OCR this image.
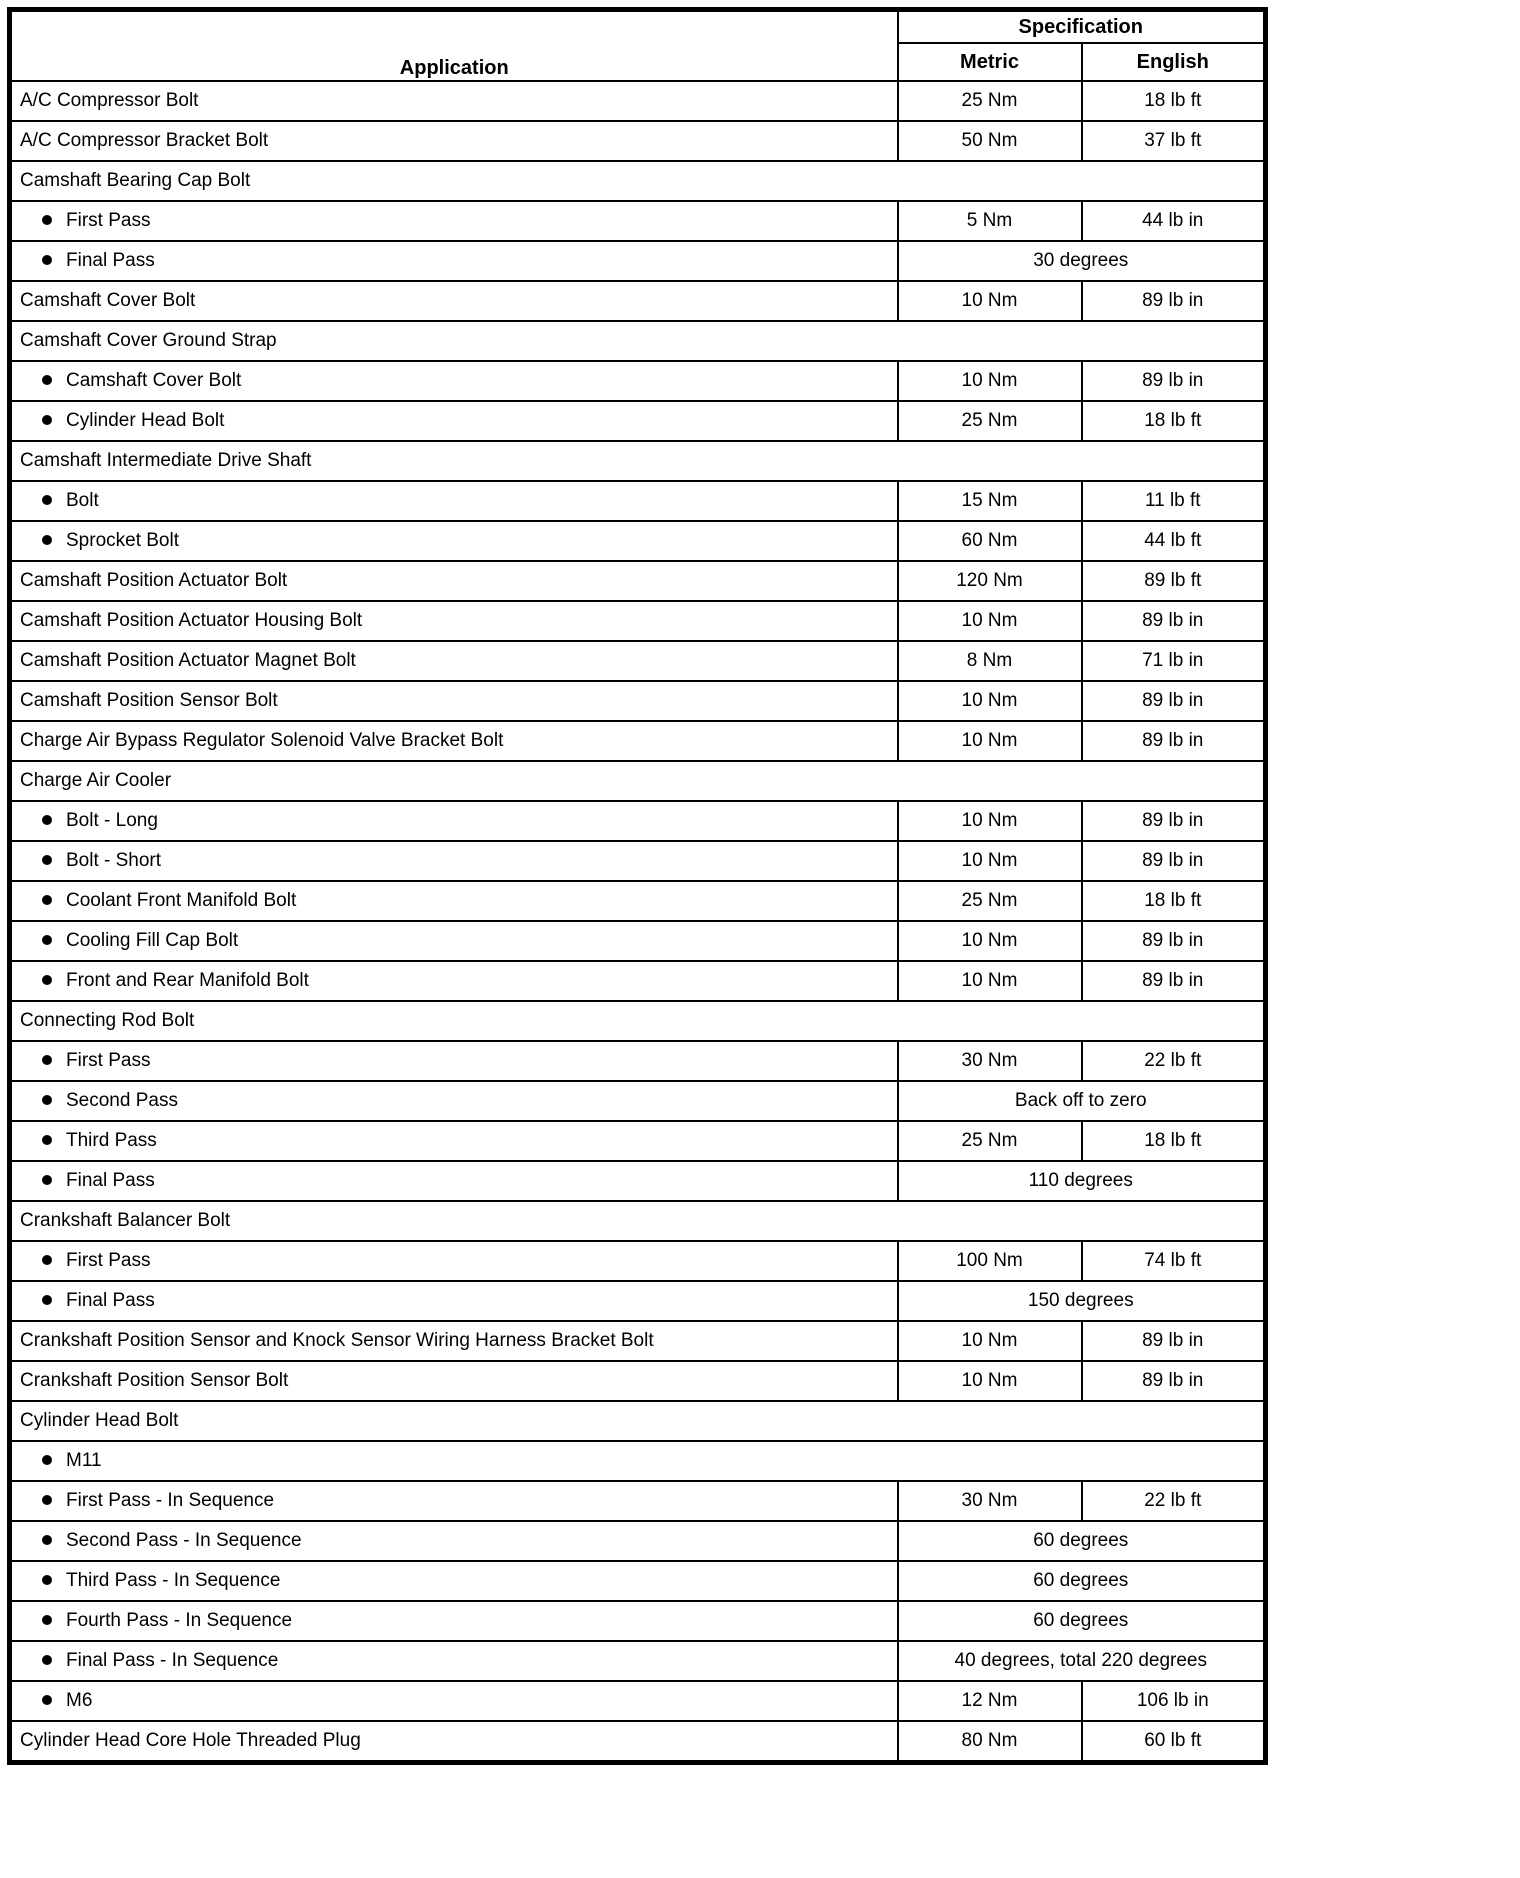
Application	Specification	
	Metric	English
A/C Compressor Bolt	25 Nm	18 lb ft
A/C Compressor Bracket Bolt	50 Nm	37 lb ft
Camshaft Bearing Cap Bolt		
First Pass	5 Nm	44 lb in
Final Pass	30 degrees	
Camshaft Cover Bolt	10 Nm	89 lb in
Camshaft Cover Ground Strap		
Camshaft Cover Bolt	10 Nm	89 lb in
Cylinder Head Bolt	25 Nm	18 lb ft
Camshaft Intermediate Drive Shaft		
Bolt	15 Nm	11 lb ft
Sprocket Bolt	60 Nm	44 lb ft
Camshaft Position Actuator Bolt	120 Nm	89 lb ft
Camshaft Position Actuator Housing Bolt	10 Nm	89 lb in
Camshaft Position Actuator Magnet Bolt	8 Nm	71 lb in
Camshaft Position Sensor Bolt	10 Nm	89 lb in
Charge Air Bypass Regulator Solenoid Valve Bracket Bolt	10 Nm	89 lb in
Charge Air Cooler		
Bolt - Long	10 Nm	89 lb in
Bolt - Short	10 Nm	89 lb in
Coolant Front Manifold Bolt	25 Nm	18 lb ft
Cooling Fill Cap Bolt	10 Nm	89 lb in
Front and Rear Manifold Bolt	10 Nm	89 lb in
Connecting Rod Bolt		
First Pass	30 Nm	22 lb ft
Second Pass	Back off to zero	
Third Pass	25 Nm	18 lb ft
Final Pass	110 degrees	
Crankshaft Balancer Bolt		
First Pass	100 Nm	74 lb ft
Final Pass	150 degrees	
Crankshaft Position Sensor and Knock Sensor Wiring Harness Bracket Bolt	10 Nm	89 lb in
Crankshaft Position Sensor Bolt	10 Nm	89 lb in
Cylinder Head Bolt		
M11		
First Pass - In Sequence	30 Nm	22 lb ft
Second Pass - In Sequence	60 degrees	
Third Pass - In Sequence	60 degrees	
Fourth Pass - In Sequence	60 degrees	
Final Pass - In Sequence	40 degrees, total 220 degrees	
M6	12 Nm	106 lb in
Cylinder Head Core Hole Threaded Plug	80 Nm	60 lb ft
